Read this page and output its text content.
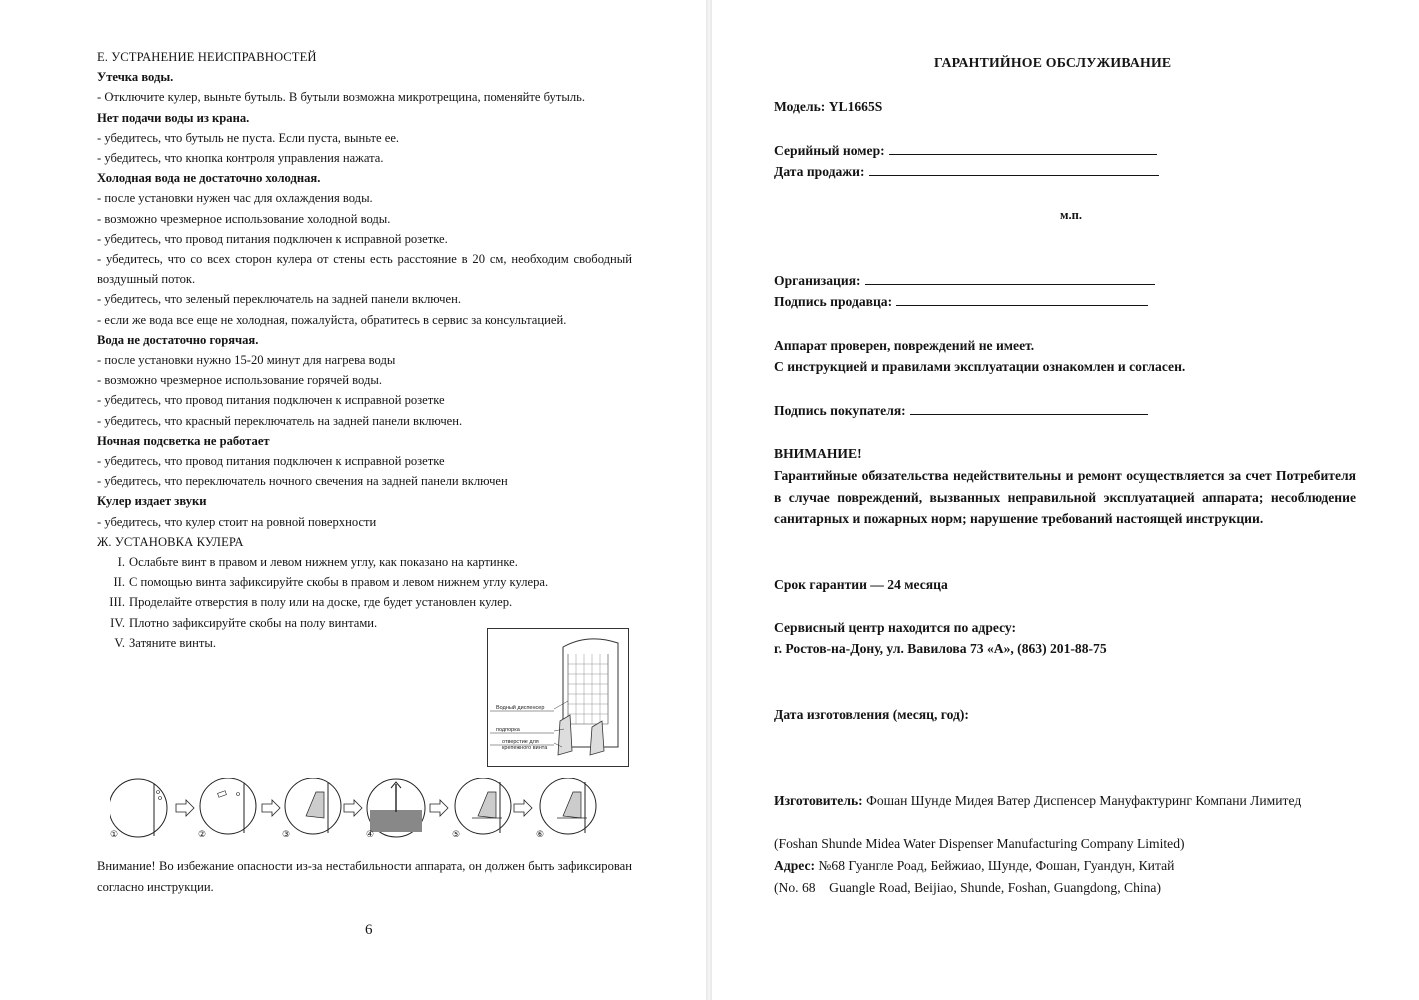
Е. УСТРАНЕНИЕ НЕИСПРАВНОСТЕЙ

Утечка воды.

- Отключите кулер, выньте бутыль. В бутыли возможна микротрещина, поменяйте бутыль.

Нет подачи воды из крана.

- убедитесь, что бутыль не пуста. Если пуста, выньте ее.

- убедитесь, что кнопка контроля управления нажата.

Холодная вода не достаточно холодная.

- после установки нужен час для охлаждения воды.

- возможно чрезмерное использование холодной воды.

- убедитесь, что провод питания подключен к исправной розетке.

- убедитесь, что со всех сторон кулера от стены есть расстояние в 20 см, необходим свободный воздушный поток.

- убедитесь, что зеленый переключатель на задней панели включен.

- если же вода все еще не холодная, пожалуйста, обратитесь в сервис за консультацией.

Вода не достаточно горячая.

- после установки нужно 15-20 минут для нагрева воды

- возможно чрезмерное использование горячей воды.

- убедитесь, что провод питания подключен к исправной розетке

- убедитесь, что красный переключатель на задней панели включен.

Ночная подсветка не работает

- убедитесь, что провод питания подключен к исправной розетке

- убедитесь, что переключатель ночного свечения на задней панели включен

Кулер издает звуки

- убедитесь, что кулер стоит на ровной поверхности

Ж. УСТАНОВКА КУЛЕРА

I. Ослабьте винт в правом и левом нижнем углу, как показано на картинке.
II. С помощью винта зафиксируйте скобы в правом и левом нижнем углу кулера.
III. Проделайте отверстия в полу или на доске, где будет установлен кулер.
IV. Плотно зафиксируйте скобы на полу винтами.
V. Затяните винты.
Водный диспенсер
подпорка
отверстие для крепежного винта
①	②	③	④	⑤	⑥

Внимание! Во избежание опасности из-за нестабильности аппарата, он должен быть зафиксирован согласно инструкции.

6

ГАРАНТИЙНОЕ ОБСЛУЖИВАНИЕ

Модель: YL1665S

Серийный номер:

Дата продажи:

м.п.

Организация:

Подпись продавца:

Аппарат проверен, повреждений не имеет.

С инструкцией и правилами эксплуатации ознакомлен и согласен.

Подпись покупателя:

ВНИМАНИЕ!

Гарантийные обязательства недействительны и ремонт осуществляется за счет Потребителя в случае повреждений, вызванных неправильной эксплуатацией аппарата; несоблюдение санитарных и пожарных норм; нарушение требований настоящей инструкции.

Срок гарантии — 24 месяца

Сервисный центр находится по адресу:

г. Ростов-на-Дону, ул. Вавилова 73 «А», (863) 201-88-75

Дата изготовления (месяц, год):

Изготовитель: Фошан Шунде Мидея Ватер Диспенсер Мануфактуринг Компани Лимитед

(Foshan Shunde Midea Water Dispenser Manufacturing Company Limited)

Адрес: №68 Гуангле Роад, Бейжиао, Шунде, Фошан, Гуандун, Китай

(No. 68    Guangle Road, Beijiao, Shunde, Foshan, Guangdong, China)
